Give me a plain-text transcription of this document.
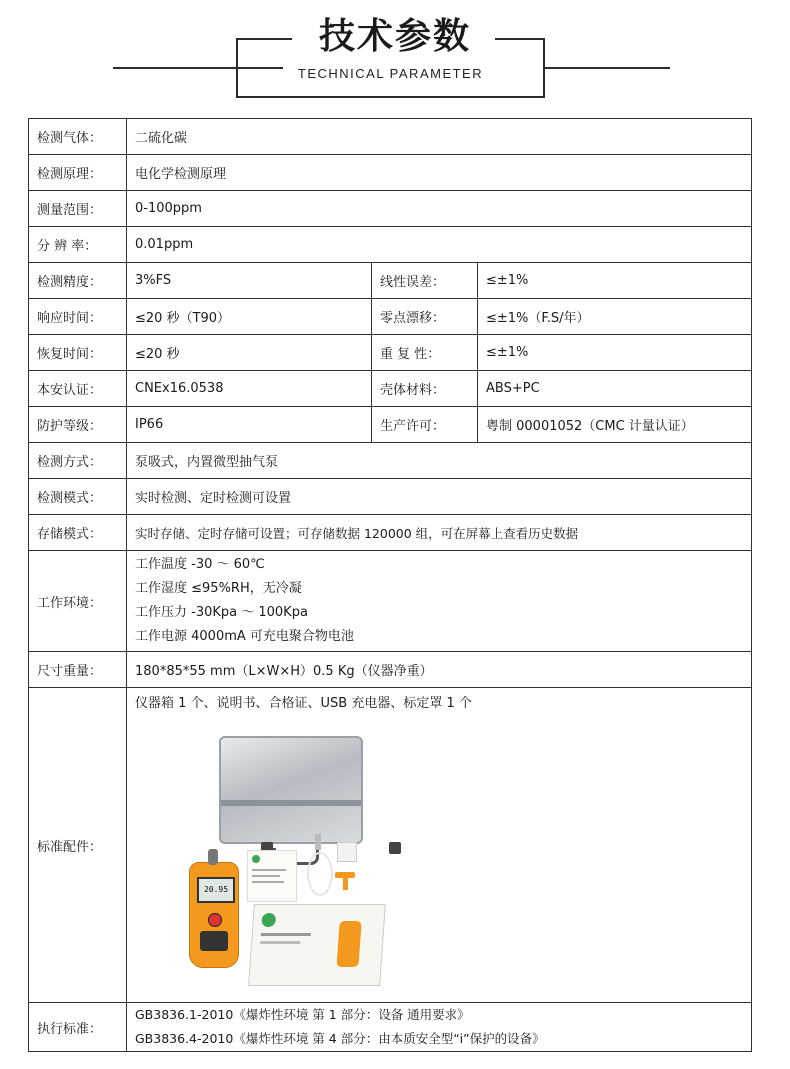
技术参数
TECHNICAL PARAMETER
检测气体：	二硫化碳		
检测原理：	电化学检测原理		
测量范围：	0-100ppm		
分 辨 率：	0.01ppm		
检测精度：	3%FS	线性误差：	≤±1%
响应时间：	≤20 秒（T90）	零点漂移：	≤±1%（F.S/年）
恢复时间：	≤20 秒	重 复 性：	≤±1%
本安认证：	CNEx16.0538	壳体材料：	ABS+PC
防护等级：	IP66	生产许可：	粤制 00001052（CMC 计量认证）
检测方式：	泵吸式，内置微型抽气泵		
检测模式：	实时检测、定时检测可设置		
存储模式：	实时存储、定时存储可设置；可存储数据 120000 组，可在屏幕上查看历史数据		
工作环境：	工作温度 -30 ～ 60℃
工作湿度 ≤95%RH，无冷凝
工作压力 -30Kpa ～ 100Kpa
工作电源 4000mA 可充电聚合物电池		

尺寸重量：	180*85*55 mm（L×W×H）0.5 Kg（仪器净重）		
标准配件：	仪器箱 1 个、说明书、合格证、USB 充电器、标定罩 1 个
20.95		

执行标准：	GB3836.1-2010《爆炸性环境 第 1 部分：设备 通用要求》
GB3836.4-2010《爆炸性环境 第 4 部分：由本质安全型“i”保护的设备》		
